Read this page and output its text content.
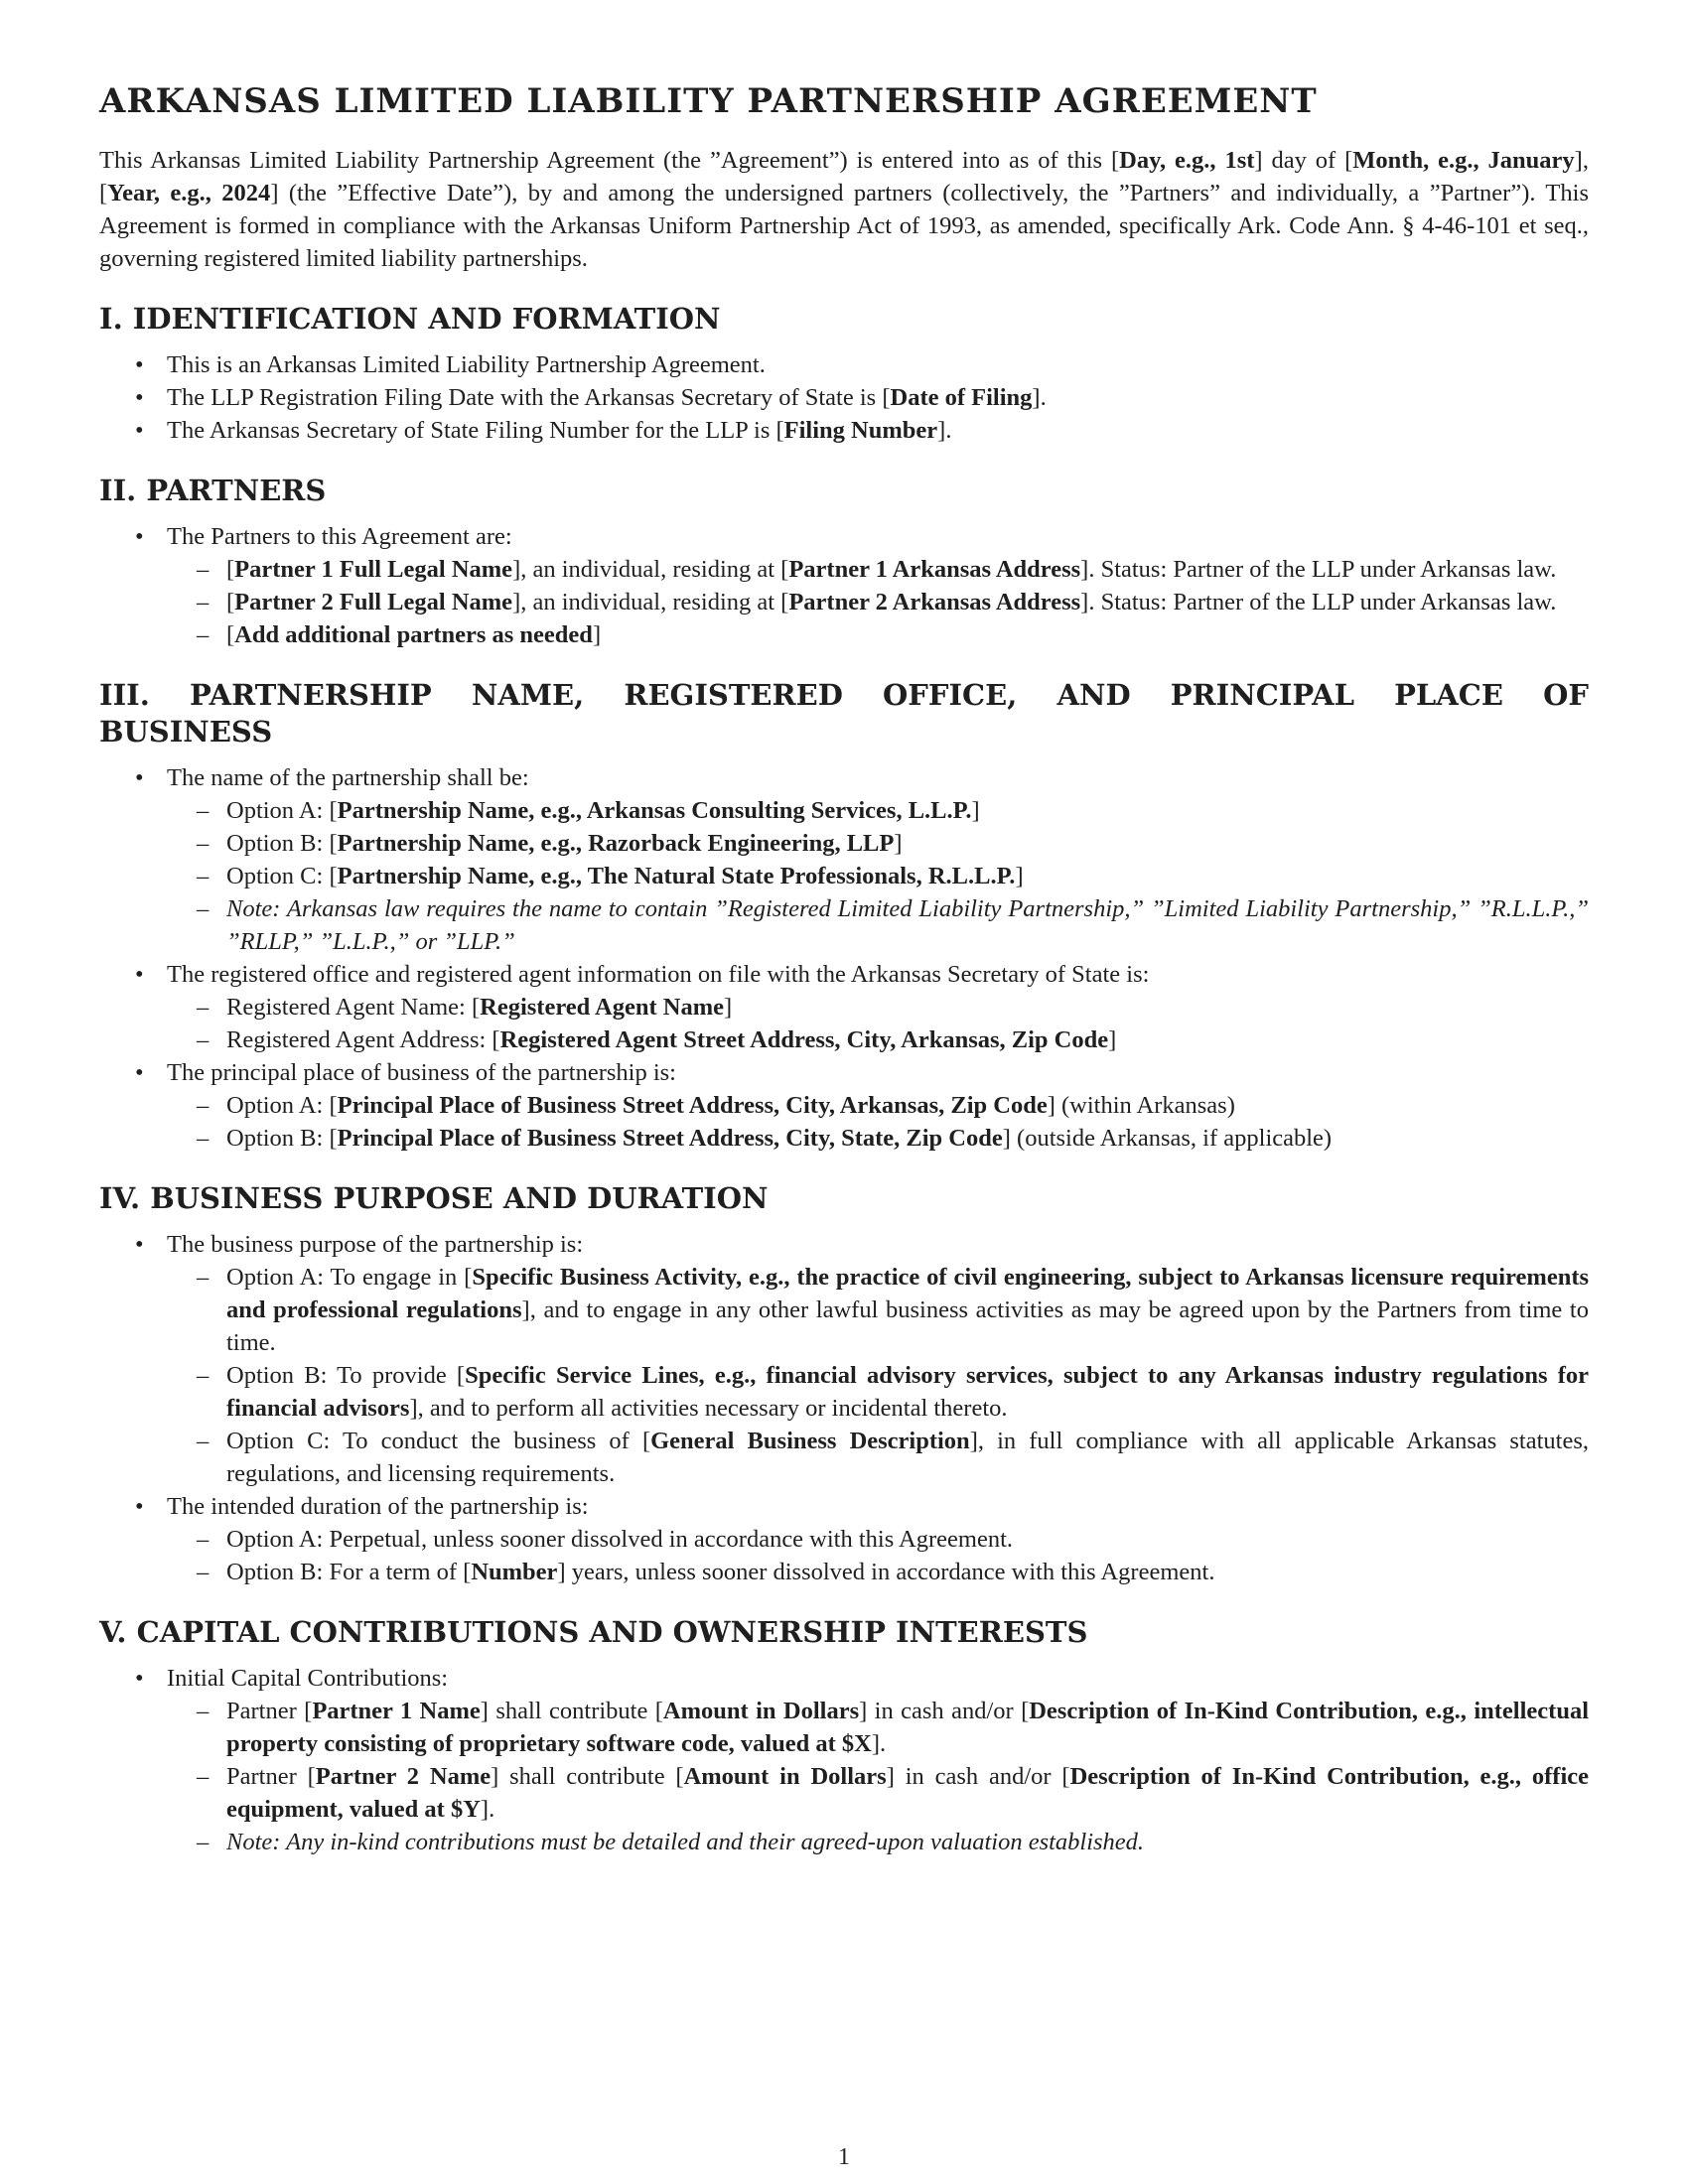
ARKANSAS LIMITED LIABILITY PARTNERSHIP AGREEMENT

This Arkansas Limited Liability Partnership Agreement (the ”Agreement”) is entered into as of this [Day, e.g., 1st] day of [Month, e.g., January], [Year, e.g., 2024] (the ”Effective Date”), by and among the undersigned partners (collectively, the ”Partners” and individually, a ”Partner”). This Agreement is formed in compliance with the Arkansas Uniform Partnership Act of 1993, as amended, specifically Ark. Code Ann. § 4-46-101 et seq., governing registered limited liability partnerships.

I. IDENTIFICATION AND FORMATION
• This is an Arkansas Limited Liability Partnership Agreement.
• The LLP Registration Filing Date with the Arkansas Secretary of State is [Date of Filing].
• The Arkansas Secretary of State Filing Number for the LLP is [Filing Number].
II. PARTNERS
• The Partners to this Agreement are:
– [Partner 1 Full Legal Name], an individual, residing at [Partner 1 Arkansas Address]. Status: Partner of the LLP under Arkansas law.
– [Partner 2 Full Legal Name], an individual, residing at [Partner 2 Arkansas Address]. Status: Partner of the LLP under Arkansas law.
– [Add additional partners as needed]
III. PARTNERSHIP NAME, REGISTERED OFFICE, AND PRINCIPAL PLACE OF BUSINESS
• The name of the partnership shall be:
– Option A: [Partnership Name, e.g., Arkansas Consulting Services, L.L.P.]
– Option B: [Partnership Name, e.g., Razorback Engineering, LLP]
– Option C: [Partnership Name, e.g., The Natural State Professionals, R.L.L.P.]
– Note: Arkansas law requires the name to contain ”Registered Limited Liability Partnership,” ”Limited Liability Partnership,” ”R.L.L.P.,” ”RLLP,” ”L.L.P.,” or ”LLP.”
• The registered office and registered agent information on file with the Arkansas Secretary of State is:
– Registered Agent Name: [Registered Agent Name]
– Registered Agent Address: [Registered Agent Street Address, City, Arkansas, Zip Code]
• The principal place of business of the partnership is:
– Option A: [Principal Place of Business Street Address, City, Arkansas, Zip Code] (within Arkansas)
– Option B: [Principal Place of Business Street Address, City, State, Zip Code] (outside Arkansas, if applicable)
IV. BUSINESS PURPOSE AND DURATION
• The business purpose of the partnership is:
– Option A: To engage in [Specific Business Activity, e.g., the practice of civil engineering, subject to Arkansas licensure requirements and professional regulations], and to engage in any other lawful business activities as may be agreed upon by the Partners from time to time.
– Option B: To provide [Specific Service Lines, e.g., financial advisory services, subject to any Arkansas industry regulations for financial advisors], and to perform all activities necessary or incidental thereto.
– Option C: To conduct the business of [General Business Description], in full compliance with all applicable Arkansas statutes, regulations, and licensing requirements.
• The intended duration of the partnership is:
– Option A: Perpetual, unless sooner dissolved in accordance with this Agreement.
– Option B: For a term of [Number] years, unless sooner dissolved in accordance with this Agreement.
V. CAPITAL CONTRIBUTIONS AND OWNERSHIP INTERESTS
• Initial Capital Contributions:
– Partner [Partner 1 Name] shall contribute [Amount in Dollars] in cash and/or [Description of In-Kind Contribution, e.g., intellectual property consisting of proprietary software code, valued at $X].
– Partner [Partner 2 Name] shall contribute [Amount in Dollars] in cash and/or [Description of In-Kind Contribution, e.g., office equipment, valued at $Y].
– Note: Any in-kind contributions must be detailed and their agreed-upon valuation established.
1
